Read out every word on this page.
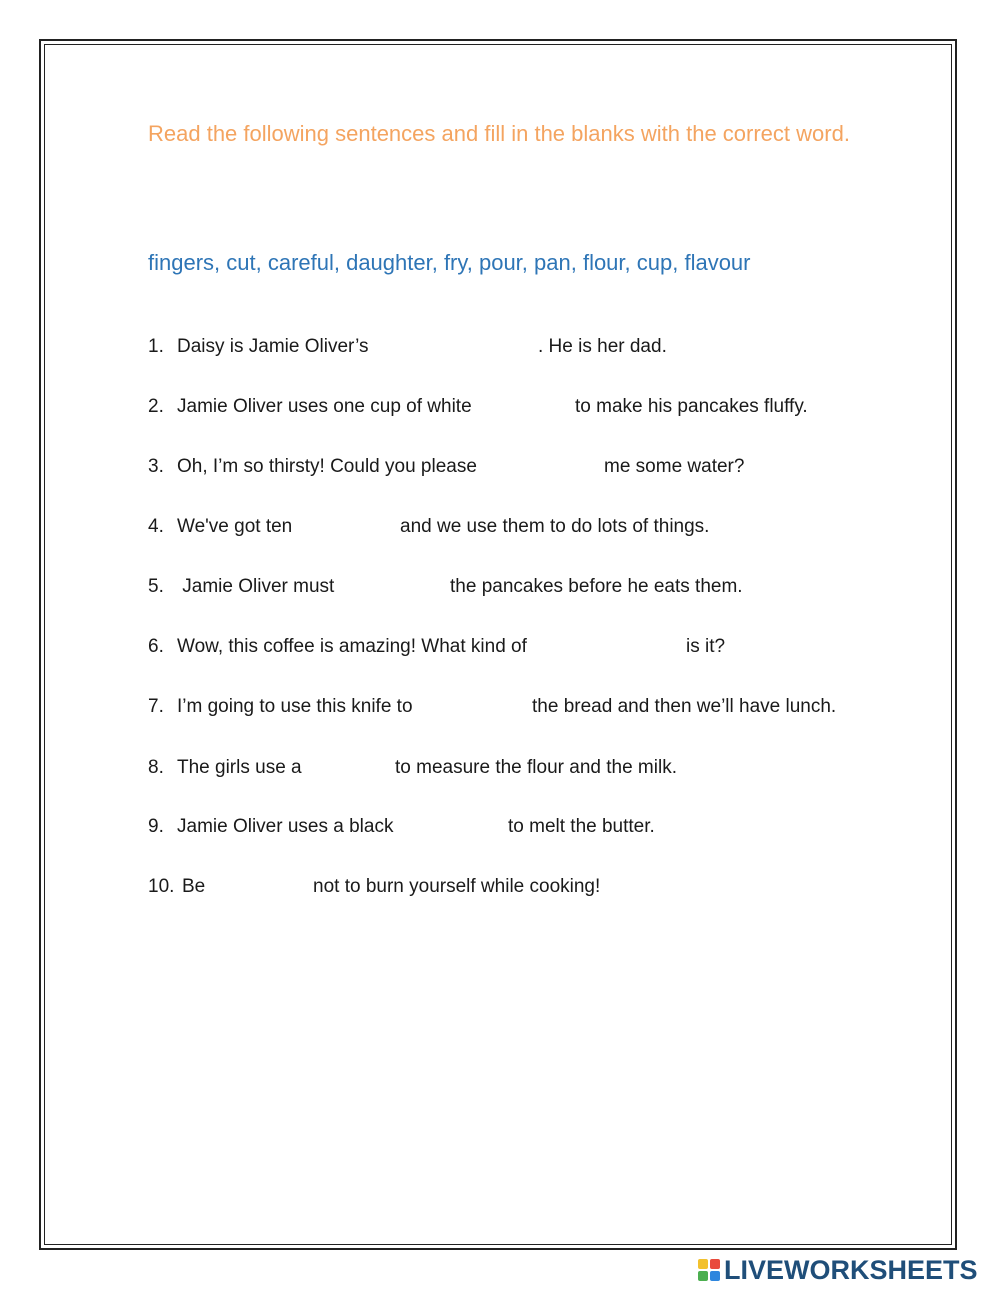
Read the following sentences and fill in the blanks with the correct word.

fingers, cut, careful, daughter, fry, pour, pan, flour, cup, flavour
1. Daisy is Jamie Oliver’s	. He is her dad.
2. Jamie Oliver uses one cup of white	to make his pancakes fluffy.
3. Oh, I’m so thirsty! Could you please	me some water?
4. We've got ten	and we use them to do lots of things.
5. Jamie Oliver must	the pancakes before he eats them.
6. Wow, this coffee is amazing! What kind of	is it?
7. I’m going to use this knife to	the bread and then we’ll have lunch.
8. The girls use a	to measure the flour and the milk.
9. Jamie Oliver uses a black	to melt the butter.
10. Be	not to burn yourself while cooking!
LIVEWORKSHEETS
